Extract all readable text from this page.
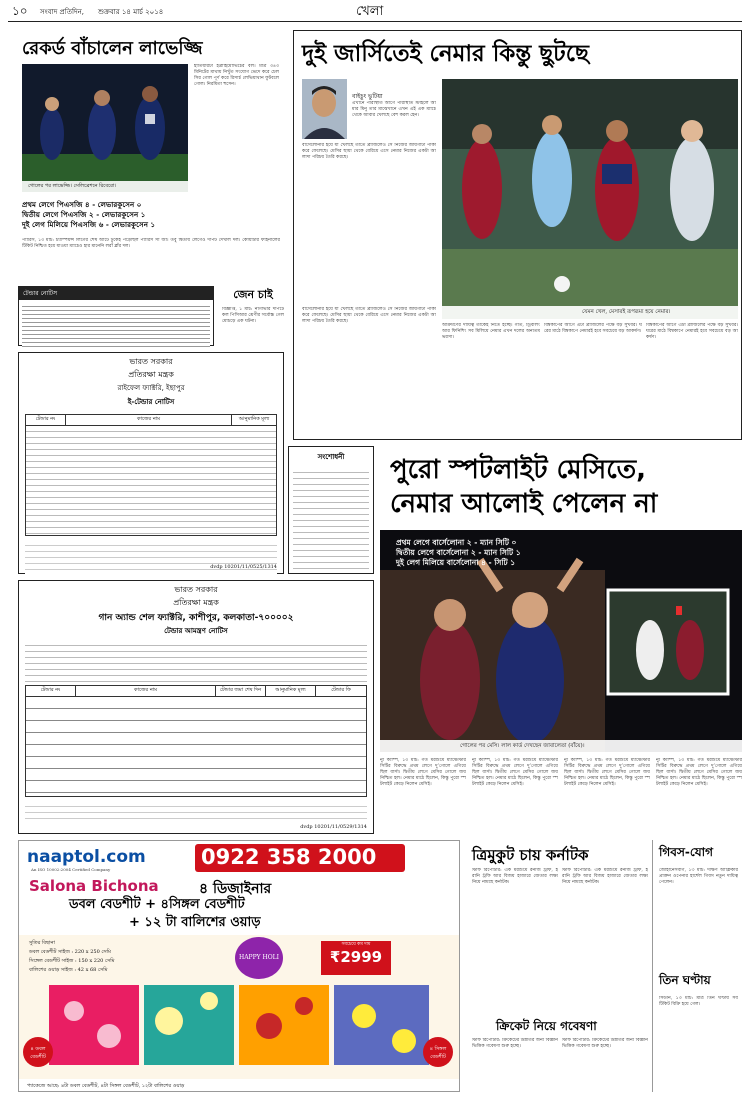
১০ সংবাদ প্রতিদিন, শুক্রবার ১৪ মার্চ ২০১৪	খেলা
রেকর্ড বাঁচালেন লাভেজ্জি
গোলের পর লাভেজ্জি। সেলিব্রেশনে রিবেরো।
হাতিয়ারটা ইব্রাহিমোভিচের বল। মাত্র ৩৪৩ মিনিটের মাথায় নিখুঁত সংযোগ ভেদে করে চেলসির গোল পূর্ণ করে রিসার্চ লেভিয়াথান ফুটবলে গোল। নিরমিতা হুসেন।
প্রথম লেগে পিএসজি ৪ - লেভারকুসেন ০
দ্বিতীয় লেগে পিএসজি ২ - লেভারকুসেন ১
দুই লেগ মিলিয়ে পিএসজি ৬ - লেভারকুসেন ১
প্যারিস, ১৩ মার্চ: চ্যাম্পিয়ন্স লিগের শেষ আটে ঢুকেই পড়েছিল প্যারিস সাঁ জাঁ। তবু দ্বিতীয় লেগেও দাপট দেখাল দল। কোয়ার্টার ফাইনালের টিকিট নিশ্চিত হয়ে যাওয়া ম্যাচেও হার মানেনি লরাঁ ব্লাঁর দল।
দুই জার্সিতেই নেমার কিন্তু ছুটছে
বাইচুং ভুটিয়া
এখানে পরিস্থিতি আগে পরিস্থিতি স্টাইলে আমার মিনু তার মাঝেখানে এখন এই এক ম্যাচে থেকে আবার খেলছে বেশ করল হেন।
বার্সেলোনার হয়ে যা খেলছে তাতে ব্রাজিলেও সে নিজের জায়গাটা পাকা করে ফেলেছে। মেসির ছায়া থেকে বেরিয়ে এসে নেমার নিজের একটা আলাদা পরিচয় তৈরি করছে।
যেমন খেল, মেসারই রূপরূম্য হয়ে নেমার।
আক্রমণের দায়িত্ব তাকেই নিতে হচ্ছে। গতি, ড্রিবলিং আর ফিনিশিং সব মিলিয়ে নেমার এখন দলের অন্যতম ভরসা।
বিশ্বকাপের আগে এটা ব্রাজিলের পক্ষে বড় সুখবর। ঘরের মাঠে বিশ্বকাপে নেমারই হবে সবচেয়ে বড় আকর্ষণ।
বার্সেলোনার হয়ে যা খেলছে তাতে ব্রাজিলেও সে নিজের জায়গাটা পাকা করে ফেলেছে। মেসির ছায়া থেকে বেরিয়ে এসে নেমার নিজের একটা আলাদা পরিচয় তৈরি করছে।
বিশ্বকাপের আগে এটা ব্রাজিলের পক্ষে বড় সুখবর। ঘরের মাঠে বিশ্বকাপে নেমারই হবে সবচেয়ে বড় আকর্ষণ।
টেন্ডার নোটিস	জেন চাই
বিজ্ঞপ্তি, ১ মার্চ: নাগাভার দাপটে কল পিসিআর শ্রেণীর সর্বোচ্চ গেল মোচড়ে এক ঘটনা।
ভারত সরকার
প্রতিরক্ষা মন্ত্রক
রাইফেল ফ্যাক্টরি, ইছাপুর
ই-টেন্ডার নোটিস
টেন্ডার নং	কাজের নাম	আনুমানিক মূল্য
dvdp 10201/11/0525/1314
সংশোধনী
ভারত সরকার
প্রতিরক্ষা মন্ত্রক
গান অ্যান্ড শেল ফ্যাক্টরি, কাশীপুর, কলকাতা-৭০০০০২
টেন্ডার আমন্ত্রণ নোটিস
টেন্ডার নং	কাজের নাম	টেন্ডার জমা শেষ দিন	আনুমানিক মূল্য	টেন্ডার ফি
dvdp 10201/11/0529/1314
পুরো স্পটলাইট মেসিতে,
নেমার আলোই পেলেন না
প্রথম লেগে বার্সেলোনা ২ - ম্যান সিটি ০
দ্বিতীয় লেগে বার্সেলোনা ২ - ম্যান সিটি ১
দুই লেগ মিলিয়ে বার্সেলোনা ৪ - সিটি ১
গোলের পর মেসি। লাল কার্ড দেখছেন জাবালেতা (বাঁয়ে)।
ন্যু ক্যাম্প, ১৩ মার্চ: গত মরশুমে ম্যাঞ্চেস্টার সিটির বিরুদ্ধে প্রথম লেগে দু’গোলে এগিয়ে ছিল বার্সা। দ্বিতীয় লেগে মেসির গোলে জয় নিশ্চিত হল। নেমার মাঠে ছিলেন, কিন্তু পুরো স্পটলাইট কেড়ে নিলেন মেসিই।
ন্যু ক্যাম্প, ১৩ মার্চ: গত মরশুমে ম্যাঞ্চেস্টার সিটির বিরুদ্ধে প্রথম লেগে দু’গোলে এগিয়ে ছিল বার্সা। দ্বিতীয় লেগে মেসির গোলে জয় নিশ্চিত হল। নেমার মাঠে ছিলেন, কিন্তু পুরো স্পটলাইট কেড়ে নিলেন মেসিই।
ন্যু ক্যাম্প, ১৩ মার্চ: গত মরশুমে ম্যাঞ্চেস্টার সিটির বিরুদ্ধে প্রথম লেগে দু’গোলে এগিয়ে ছিল বার্সা। দ্বিতীয় লেগে মেসির গোলে জয় নিশ্চিত হল। নেমার মাঠে ছিলেন, কিন্তু পুরো স্পটলাইট কেড়ে নিলেন মেসিই।
ন্যু ক্যাম্প, ১৩ মার্চ: গত মরশুমে ম্যাঞ্চেস্টার সিটির বিরুদ্ধে প্রথম লেগে দু’গোলে এগিয়ে ছিল বার্সা। দ্বিতীয় লেগে মেসির গোলে জয় নিশ্চিত হল। নেমার মাঠে ছিলেন, কিন্তু পুরো স্পটলাইট কেড়ে নিলেন মেসিই।
naaptol.com
An ISO 10002:2004 Certified Company
0922 358 2000
Salona Bichona	৪ ডিজাইনার
ডবল বেডশীট + ৪সিঙ্গল বেডশীট
+ ১২ টা বালিশের ওয়াড়
সুতির বিছানা
ডবল বেডশীট সাইজ : 220 x 250 সেমি
সিঙ্গেল বেডশীট সাইজ : 150 x 220 সেমি
বালিশের ওয়াড় সাইজ : 42 x 68 সেমি
HAPPY HOLI
সবচেয়ে কম দাম
₹2999
৪ ডবল বেডশীট
৪ সিঙ্গল বেডশীট
প্যাকেজে আছে: ৪টা ডবল বেডশীট, ৪টা সিঙ্গল বেডশীট, ১২টা বালিশের ওয়াড়
ত্রিমুকুট চায় কর্নাটক
স্টাফ রিপোর্টার: এক মরশুমে রনজি ট্রফি, ইরানি ট্রফি আর বিজয় হাজারে জেতার লক্ষ্য নিয়ে নামছে কর্নাটক।
স্টাফ রিপোর্টার: এক মরশুমে রনজি ট্রফি, ইরানি ট্রফি আর বিজয় হাজারে জেতার লক্ষ্য নিয়ে নামছে কর্নাটক।
ক্রিকেট নিয়ে গবেষণা
স্টাফ রিপোর্টার: ক্রিকেটের উন্নতির জন্য বিজ্ঞানভিত্তিক গবেষণা শুরু হচ্ছে।
স্টাফ রিপোর্টার: ক্রিকেটের উন্নতির জন্য বিজ্ঞানভিত্তিক গবেষণা শুরু হচ্ছে।
গিবস-যোগ
জোহানেসবার্গ, ১৩ মার্চ: দক্ষিণ আফ্রিকার প্রাক্তন ওপেনার হার্শেল গিবস নতুন দায়িত্ব পেলেন।
তিন ঘণ্টায়
সিডনি, ১৩ মার্চ: মাত্র তিন ঘণ্টায় সব টিকিট বিক্রি হয়ে গেল।
